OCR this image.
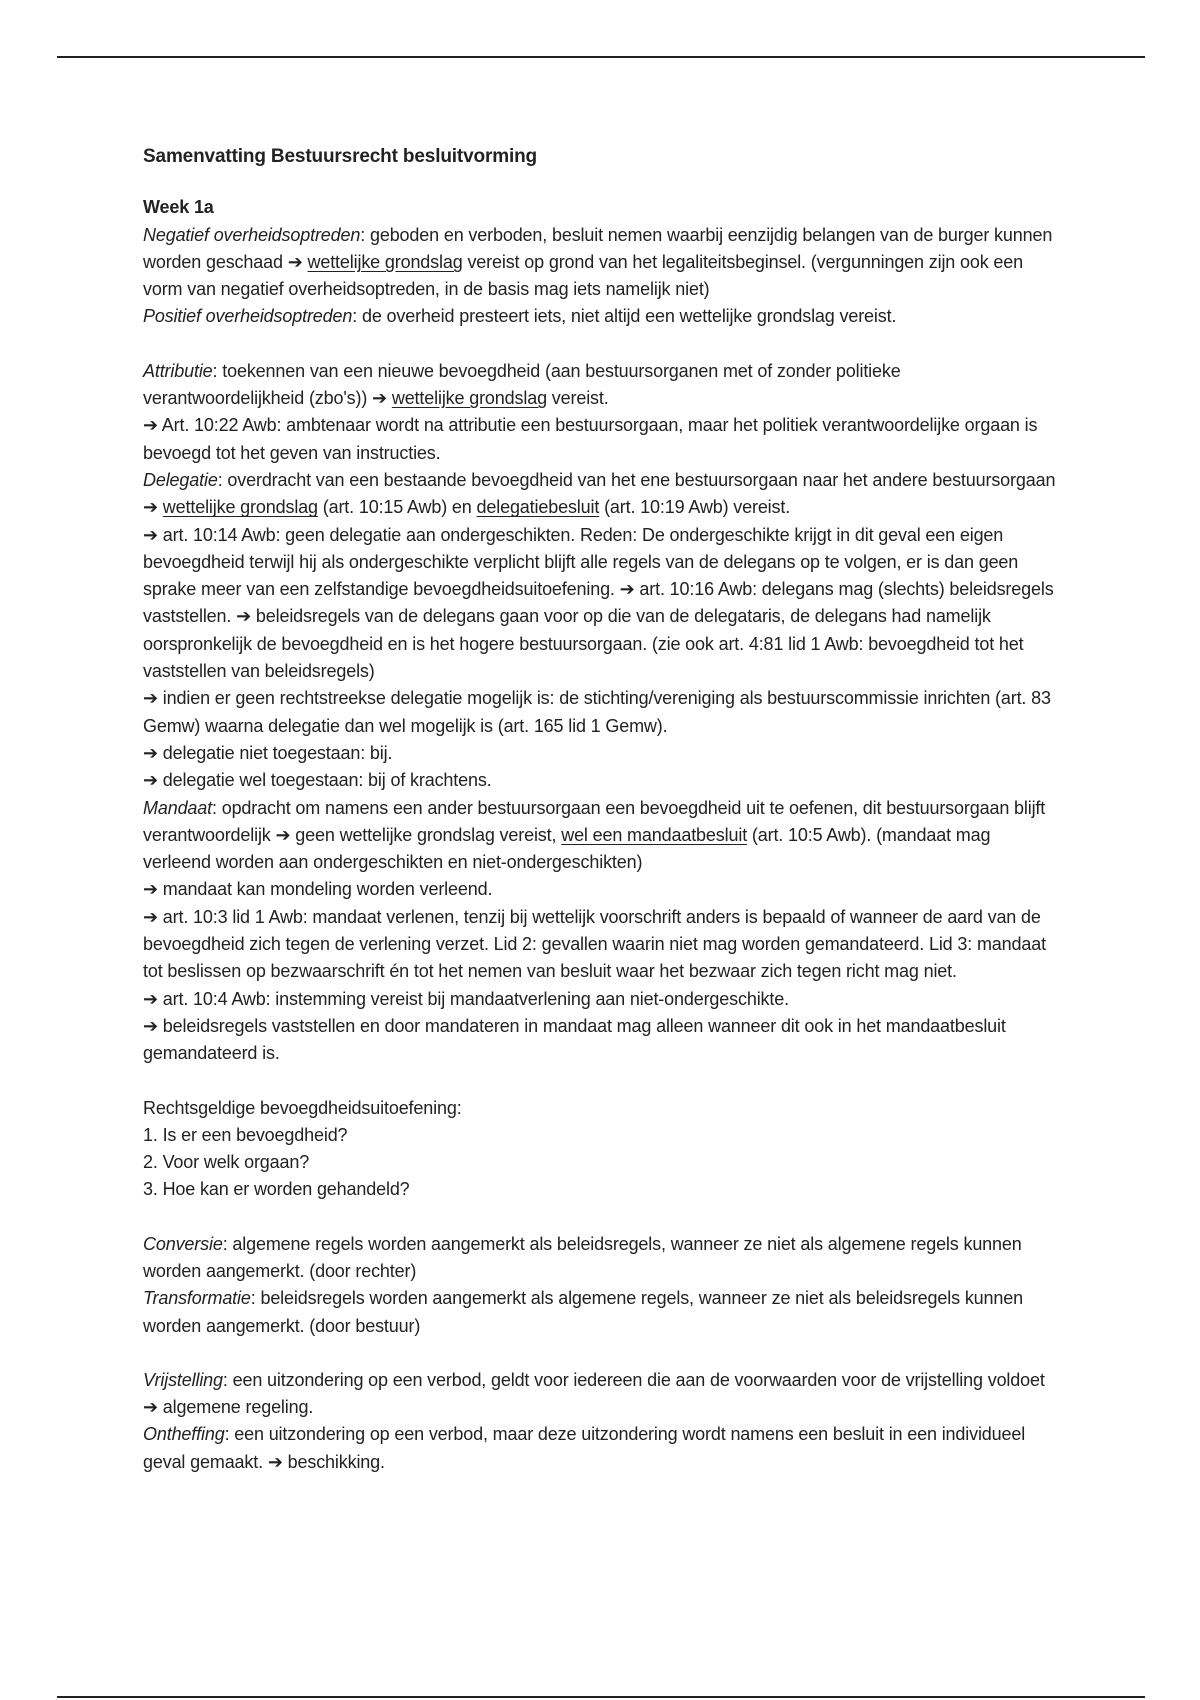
Samenvatting Bestuursrecht besluitvorming

Week 1a

Negatief overheidsoptreden: geboden en verboden, besluit nemen waarbij eenzijdig belangen van de burger kunnen worden geschaad ➔ wettelijke grondslag vereist op grond van het legaliteitsbeginsel. (vergunningen zijn ook een vorm van negatief overheidsoptreden, in de basis mag iets namelijk niet)

Positief overheidsoptreden: de overheid presteert iets, niet altijd een wettelijke grondslag vereist.

Attributie: toekennen van een nieuwe bevoegdheid (aan bestuursorganen met of zonder politieke verantwoordelijkheid (zbo's)) ➔ wettelijke grondslag vereist.

➔ Art. 10:22 Awb: ambtenaar wordt na attributie een bestuursorgaan, maar het politiek verantwoordelijke orgaan is bevoegd tot het geven van instructies.

Delegatie: overdracht van een bestaande bevoegdheid van het ene bestuursorgaan naar het andere bestuursorgaan ➔ wettelijke grondslag (art. 10:15 Awb) en delegatiebesluit (art. 10:19 Awb) vereist.

➔ art. 10:14 Awb: geen delegatie aan ondergeschikten. Reden: De ondergeschikte krijgt in dit geval een eigen bevoegdheid terwijl hij als ondergeschikte verplicht blijft alle regels van de delegans op te volgen, er is dan geen sprake meer van een zelfstandige bevoegdheidsuitoefening. ➔ art. 10:16 Awb: delegans mag (slechts) beleidsregels vaststellen. ➔ beleidsregels van de delegans gaan voor op die van de delegataris, de delegans had namelijk oorspronkelijk de bevoegdheid en is het hogere bestuursorgaan. (zie ook art. 4:81 lid 1 Awb: bevoegdheid tot het vaststellen van beleidsregels)

➔ indien er geen rechtstreekse delegatie mogelijk is: de stichting/vereniging als bestuurscommissie inrichten (art. 83 Gemw) waarna delegatie dan wel mogelijk is (art. 165 lid 1 Gemw).

➔ delegatie niet toegestaan: bij.

➔ delegatie wel toegestaan: bij of krachtens.

Mandaat: opdracht om namens een ander bestuursorgaan een bevoegdheid uit te oefenen, dit bestuursorgaan blijft verantwoordelijk ➔ geen wettelijke grondslag vereist, wel een mandaatbesluit (art. 10:5 Awb). (mandaat mag verleend worden aan ondergeschikten en niet-ondergeschikten)

➔ mandaat kan mondeling worden verleend.

➔ art. 10:3 lid 1 Awb: mandaat verlenen, tenzij bij wettelijk voorschrift anders is bepaald of wanneer de aard van de bevoegdheid zich tegen de verlening verzet. Lid 2: gevallen waarin niet mag worden gemandateerd. Lid 3: mandaat tot beslissen op bezwaarschrift én tot het nemen van besluit waar het bezwaar zich tegen richt mag niet.

➔ art. 10:4 Awb: instemming vereist bij mandaatverlening aan niet-ondergeschikte.

➔ beleidsregels vaststellen en door mandateren in mandaat mag alleen wanneer dit ook in het mandaatbesluit gemandateerd is.

Rechtsgeldige bevoegdheidsuitoefening:

1. Is er een bevoegdheid?

2. Voor welk orgaan?

3. Hoe kan er worden gehandeld?

Conversie: algemene regels worden aangemerkt als beleidsregels, wanneer ze niet als algemene regels kunnen worden aangemerkt. (door rechter)

Transformatie: beleidsregels worden aangemerkt als algemene regels, wanneer ze niet als beleidsregels kunnen worden aangemerkt. (door bestuur)

Vrijstelling: een uitzondering op een verbod, geldt voor iedereen die aan de voorwaarden voor de vrijstelling voldoet ➔ algemene regeling.

Ontheffing: een uitzondering op een verbod, maar deze uitzondering wordt namens een besluit in een individueel geval gemaakt. ➔ beschikking.
